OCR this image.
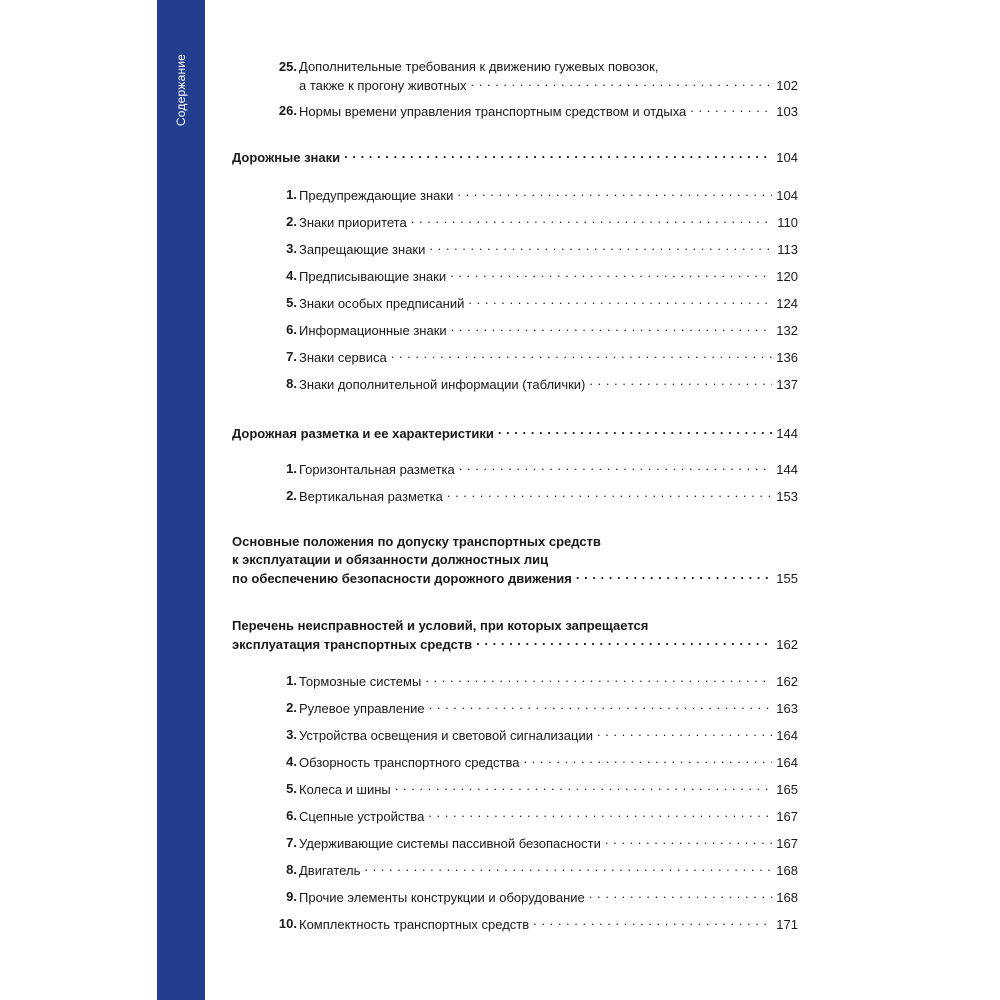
Содержание	25. Дополнительные требования к движению гужевых повозок,
а также к прогону животных . . .	102
26. Нормы времени управления транспортным средством и отдыха . . .	103
Дорожные знаки . . .	104
1. Предупреждающие знаки . . .	104
2. Знаки приоритета . . .	110
3. Запрещающие знаки . . .	113
4. Предписывающие знаки . . .	120
5. Знаки особых предписаний . . .	124
6. Информационные знаки . . .	132
7. Знаки сервиса . . .	136
8. Знаки дополнительной информации (таблички) . . .	137
Дорожная разметка и ее характеристики . . .	144
1. Горизонтальная разметка . . .	144
2. Вертикальная разметка . . .	153
Основные положения по допуску транспортных средств
к эксплуатации и обязанности должностных лиц
по обеспечению безопасности дорожного движения . . .	155
Перечень неисправностей и условий, при которых запрещается
эксплуатация транспортных средств . . .	162
1. Тормозные системы . . .	162
2. Рулевое управление . . .	163
3. Устройства освещения и световой сигнализации . . .	164
4. Обзорность транспортного средства . . .	164
5. Колеса и шины . . .	165
6. Сцепные устройства . . .	167
7. Удерживающие системы пассивной безопасности . . .	167
8. Двигатель . . .	168
9. Прочие элементы конструкции и оборудование . . .	168
10. Комплектность транспортных средств . . .	171
